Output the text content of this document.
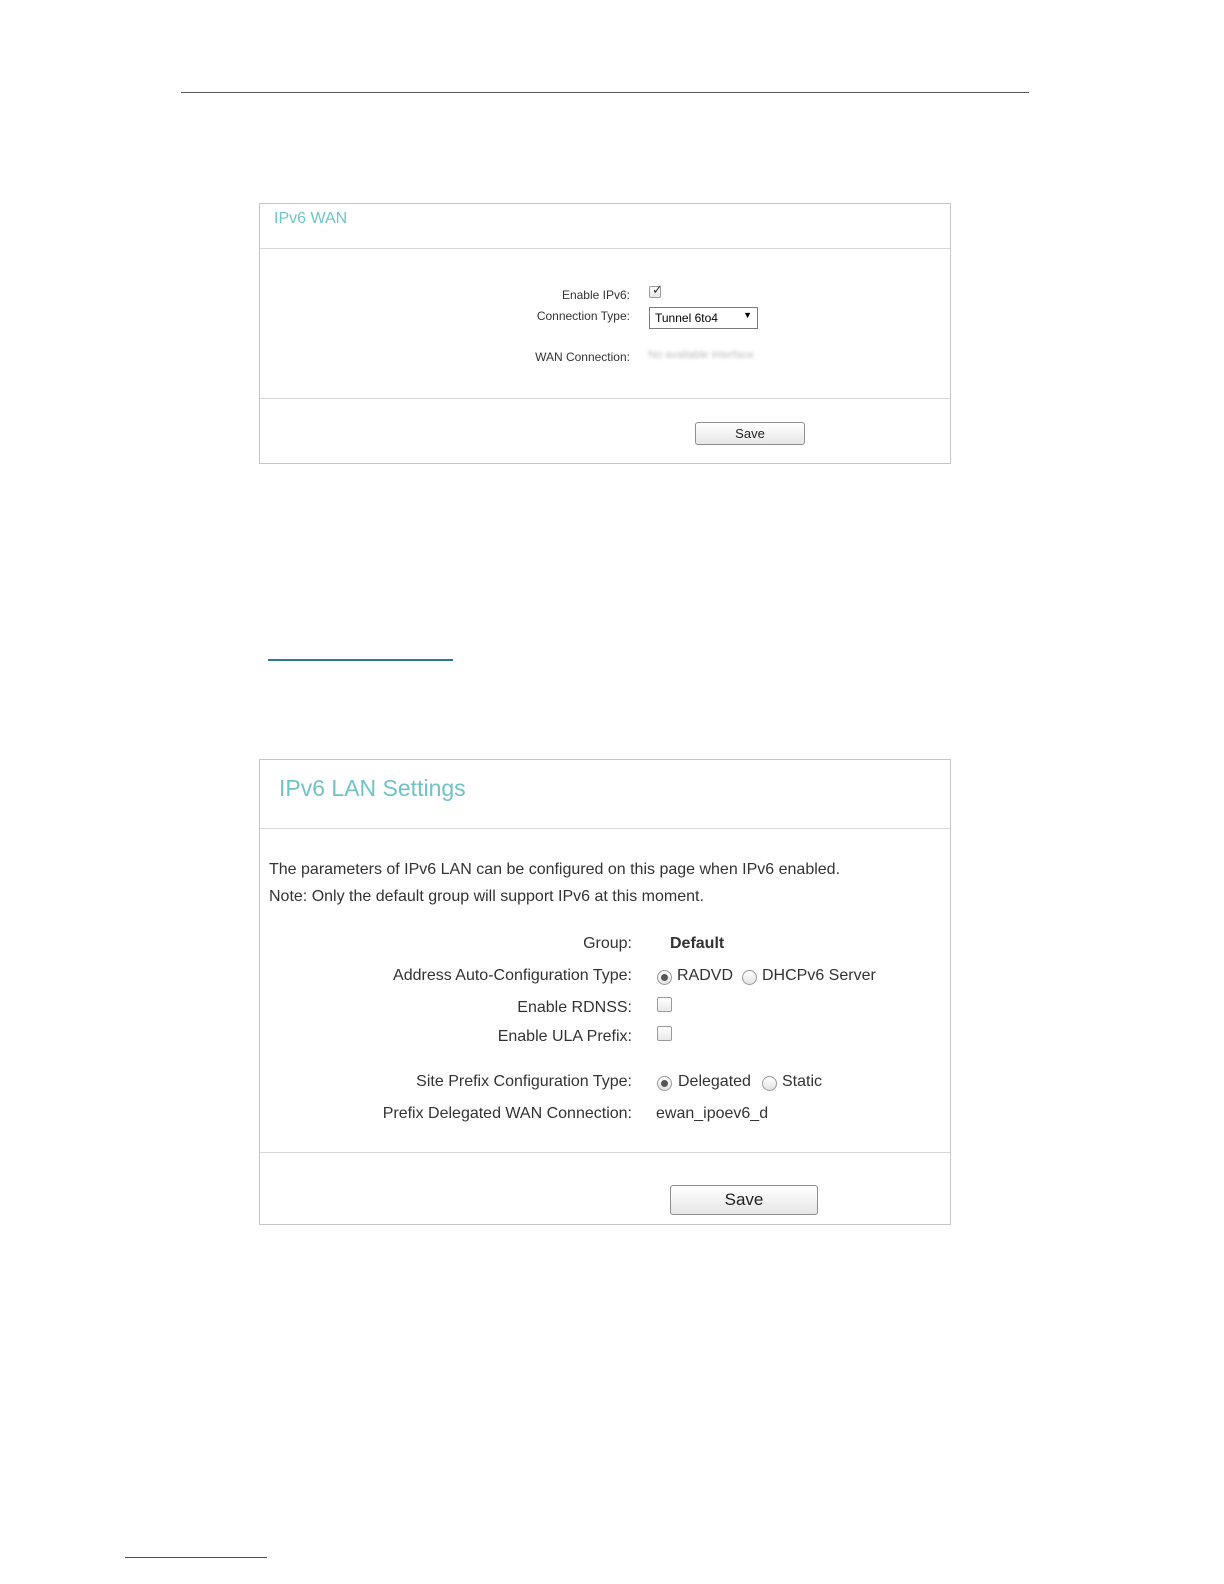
IPv6 WAN
Enable IPv6: ✓
Connection Type: Tunnel 6to4	▼
WAN Connection: No available interface
Save
IPv6 LAN Settings
The parameters of IPv6 LAN can be configured on this page when IPv6 enabled.
Note: Only the default group will support IPv6 at this moment.
Group: Default
Address Auto-Configuration Type:	RADVD DHCPv6 Server
Enable RDNSS:
Enable ULA Prefix:
Site Prefix Configuration Type:	Delegated Static
Prefix Delegated WAN Connection: ewan_ipoev6_d
Save
